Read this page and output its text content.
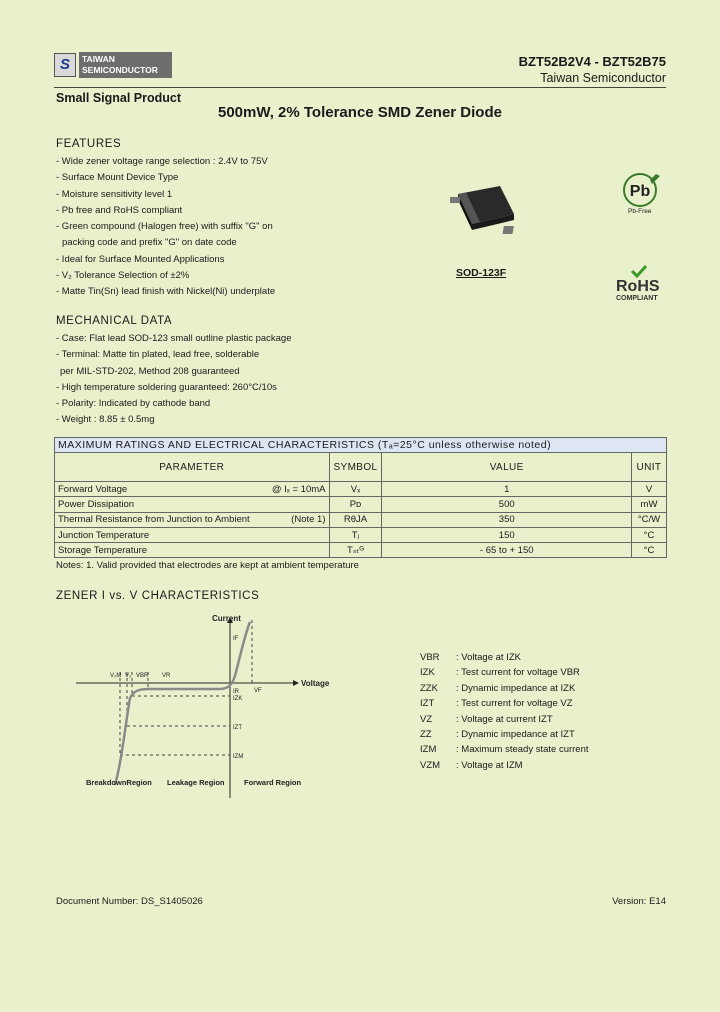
S	TAIWAN
SEMICONDUCTOR
BZT52B2V4 - BZT52B75
Taiwan Semiconductor
Small Signal Product
500mW, 2% Tolerance SMD Zener Diode
FEATURES
- Wide zener voltage range selection : 2.4V to 75V
- Surface Mount Device Type
- Moisture sensitivity level 1
- Pb free and RoHS compliant
- Green compound (Halogen free) with suffix "G" on
packing code and prefix "G" on date code
- Ideal for Surface Mounted Applications
- V₂ Tolerance Selection of ±2%
- Matte Tin(Sn) lead finish with Nickel(Ni) underplate
SOD-123F
Pb
Pb-Free
RoHS
COMPLIANT
MECHANICAL DATA
- Case: Flat lead SOD-123 small outline plastic package
- Terminal: Matte tin plated, lead free, solderable
per MIL-STD-202, Method 208 guaranteed
- High temperature soldering guaranteed: 260°C/10s
- Polarity: Indicated by cathode band
- Weight : 8.85 ± 0.5mg
MAXIMUM RATINGS AND ELECTRICAL CHARACTERISTICS (Tₐ=25°C unless otherwise noted)			
PARAMETER	SYMBOL	VALUE	UNIT
Forward Voltage @ Iₓ = 10mA	Vₓ	1	V
Power Dissipation	Pᴅ	500	mW
Thermal Resistance from Junction to Ambient (Note 1)	RθJA	350	°C/W
Junction Temperature	Tⱼ	150	°C
Storage Temperature	Tₛₜᴳ	- 65 to + 150	°C
Notes: 1. Valid provided that electrodes are kept at ambient temperature
ZENER I vs. V CHARACTERISTICS
Current
Voltage
V₂M V₂ VBR VR
IF
VF
IR
IZK
IZT
IZM
BreakdownRegion Leakage Region	Forward Region
VBR	: Voltage at IZK
IZK	: Test current for voltage VBR
ZZK	: Dynamic impedance at IZK
IZT	: Test current for voltage VZ
VZ	: Voltage at current IZT
ZZ	: Dynamic impedance at IZT
IZM	: Maximum steady state current
VZM	: Voltage at IZM
Document Number: DS_S1405026	Version: E14
